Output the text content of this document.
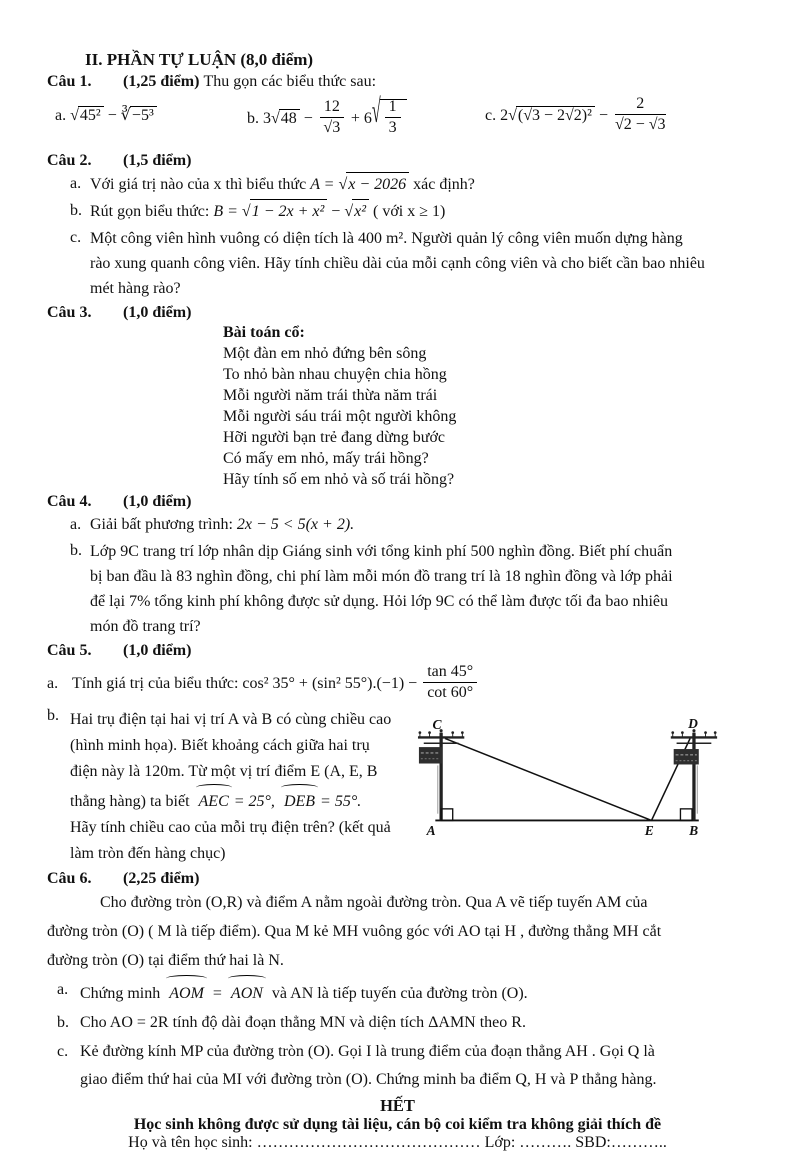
II. PHẦN TỰ LUẬN (8,0 điểm)
Câu 1. (1,25 điểm) Thu gọn các biểu thức sau:
a. √45² − ∛−5³	b. $3√48 - \frac{12}{√3} + 6√ \frac{1}{3}$	c. $2√(√3 - 2√2)^2 - \frac{2}{√2 - √3}$
Câu 2. (1,5 điểm)
a. Với giá trị nào của x thì biểu thức A = √x − 2026 xác định?
b. Rút gọn biểu thức: B = √1 − 2x + x² − √x² ( với x ≥ 1)
c. Một công viên hình vuông có diện tích là 400 m². Người quản lý công viên muốn dựng hàng
rào xung quanh công viên. Hãy tính chiều dài của mỗi cạnh công viên và cho biết cần bao nhiêu
mét hàng rào?
Câu 3. (1,0 điểm)
Bài toán cổ:
Một đàn em nhỏ đứng bên sông
To nhỏ bàn nhau chuyện chia hồng
Mỗi người năm trái thừa năm trái
Mỗi người sáu trái một người không
Hỡi người bạn trẻ đang dừng bước
Có mấy em nhỏ, mấy trái hồng?
Hãy tính số em nhỏ và số trái hồng?
Câu 4. (1,0 điểm)
a. Giải bất phương trình: 2x − 5 < 5(x + 2).
b. Lớp 9C trang trí lớp nhân dịp Giáng sinh với tổng kinh phí 500 nghìn đồng. Biết phí chuẩn
bị ban đầu là 83 nghìn đồng, chi phí làm mỗi món đồ trang trí là 18 nghìn đồng và lớp phải
để lại 7% tổng kinh phí không được sử dụng. Hỏi lớp 9C có thể làm được tối đa bao nhiêu
món đồ trang trí?
Câu 5. (1,0 điểm)
a. Tính giá trị của biểu thức:
cos² 35° + (sin² $55^\circ).(-1) - \frac{\tan 45^\circ}{\cot 60^\circ}$
b. Hai trụ điện tại hai vị trí A và B có cùng chiều cao
(hình minh họa). Biết khoảng cách giữa hai trụ
điện này là 120m. Từ một vị trí điểm E (A, E, B
thẳng hàng) ta biết AEC = 25°, DEB = 55°.
Hãy tính chiều cao của mỗi trụ điện trên? (kết quả
làm tròn đến hàng chục)
C	D
A	E	B
Câu 6. (2,25 điểm)
Cho đường tròn (O,R) và điểm A nằm ngoài đường tròn. Qua A vẽ tiếp tuyến AM của
đường tròn (O) ( M là tiếp điểm). Qua M kẻ MH vuông góc với AO tại H , đường thẳng MH cắt
đường tròn (O) tại điểm thứ hai là N.
a. Chứng minh AOM = AON và AN là tiếp tuyến của đường tròn (O).
b. Cho AO = 2R tính độ dài đoạn thẳng MN và diện tích ΔAMN theo R.
c. Kẻ đường kính MP của đường tròn (O). Gọi I là trung điểm của đoạn thẳng AH . Gọi Q là
giao điểm thứ hai của MI với đường tròn (O). Chứng minh ba điểm Q, H và P thẳng hàng.
HẾT
Học sinh không được sử dụng tài liệu, cán bộ coi kiểm tra không giải thích đề
Họ và tên học sinh: …………………………………… Lớp: ………. SBD:………..
